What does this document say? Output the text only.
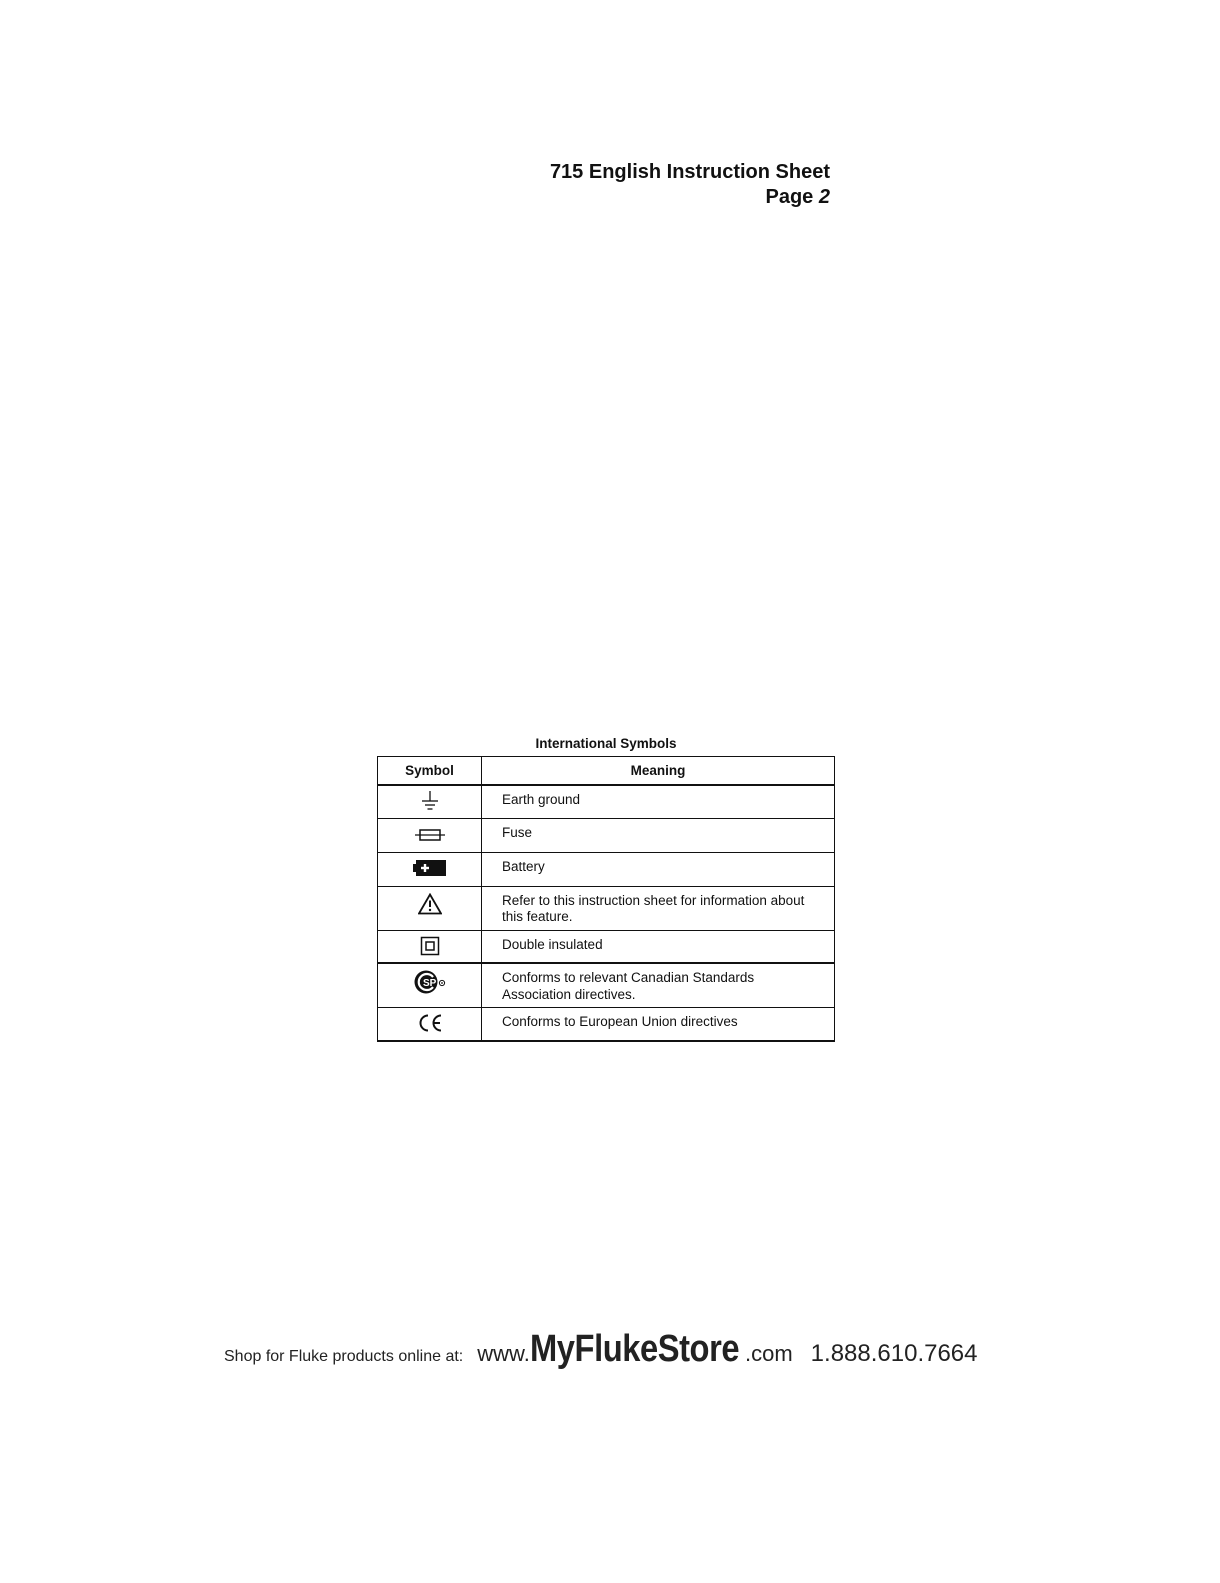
715 English Instruction Sheet
Page 2
International Symbols
Symbol	Meaning

	Earth ground

	Fuse

	Battery

	Refer to this instruction sheet for information about this feature.

	Double insulated

SP	Conforms to relevant Canadian Standards Association directives.

	Conforms to European Union directives
Shop for Fluke products online at: www.MyFlukeStore .com 1.888.610.7664
